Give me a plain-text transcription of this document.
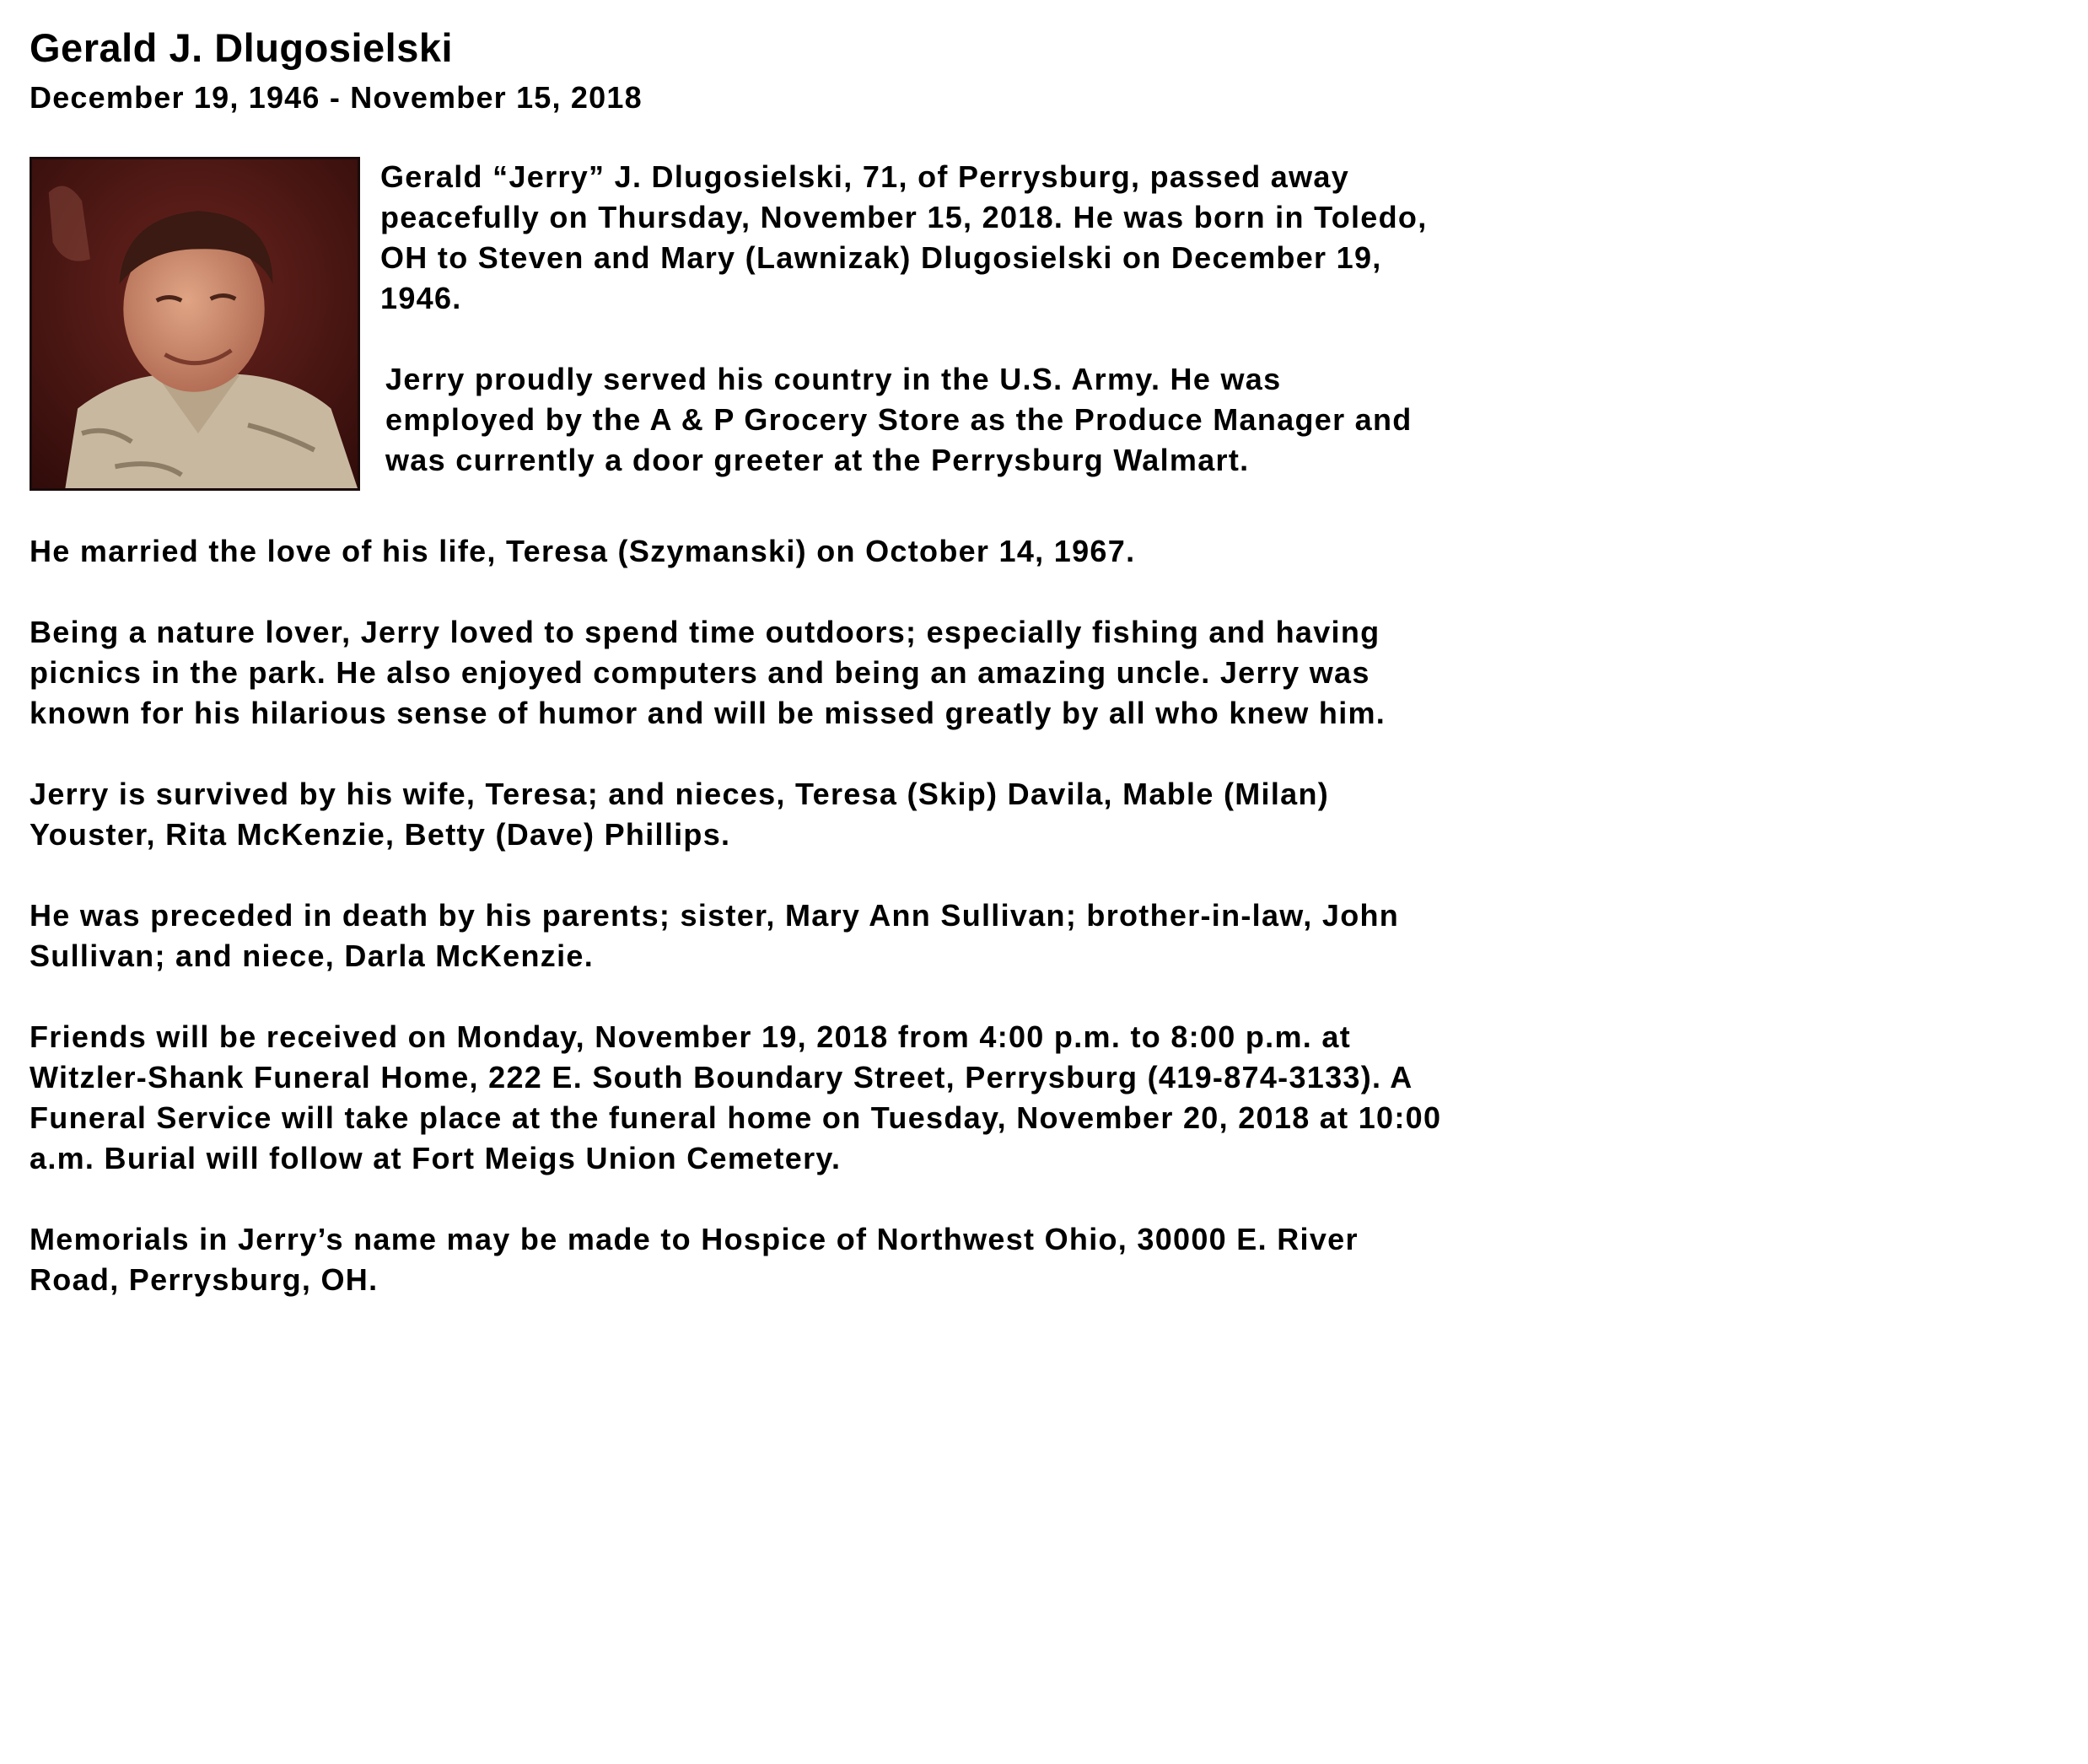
Gerald J. Dlugosielski
December 19, 1946 - November 15, 2018

Gerald “Jerry” J. Dlugosielski, 71, of Perrysburg, passed away peacefully on Thursday, November 15, 2018. He was born in Toledo, OH to Steven and Mary (Lawnizak) Dlugosielski on December 19, 1946.

Jerry proudly served his country in the U.S. Army. He was employed by the A & P Grocery Store as the Produce Manager and was currently a door greeter at the Perrysburg Walmart.

He married the love of his life, Teresa (Szymanski) on October 14, 1967.

Being a nature lover, Jerry loved to spend time outdoors; especially fishing and having picnics in the park. He also enjoyed computers and being an amazing uncle. Jerry was known for his hilarious sense of humor and will be missed greatly by all who knew him.

Jerry is survived by his wife, Teresa; and nieces, Teresa (Skip) Davila, Mable (Milan) Youster, Rita McKenzie, Betty (Dave) Phillips.

He was preceded in death by his parents; sister, Mary Ann Sullivan; brother-in-law, John Sullivan; and niece, Darla McKenzie.

Friends will be received on Monday, November 19, 2018 from 4:00 p.m. to 8:00 p.m. at Witzler-Shank Funeral Home, 222 E. South Boundary Street, Perrysburg (419-874-3133). A Funeral Service will take place at the funeral home on Tuesday, November 20, 2018 at 10:00 a.m. Burial will follow at Fort Meigs Union Cemetery.

Memorials in Jerry’s name may be made to Hospice of Northwest Ohio, 30000 E. River Road, Perrysburg, OH.
